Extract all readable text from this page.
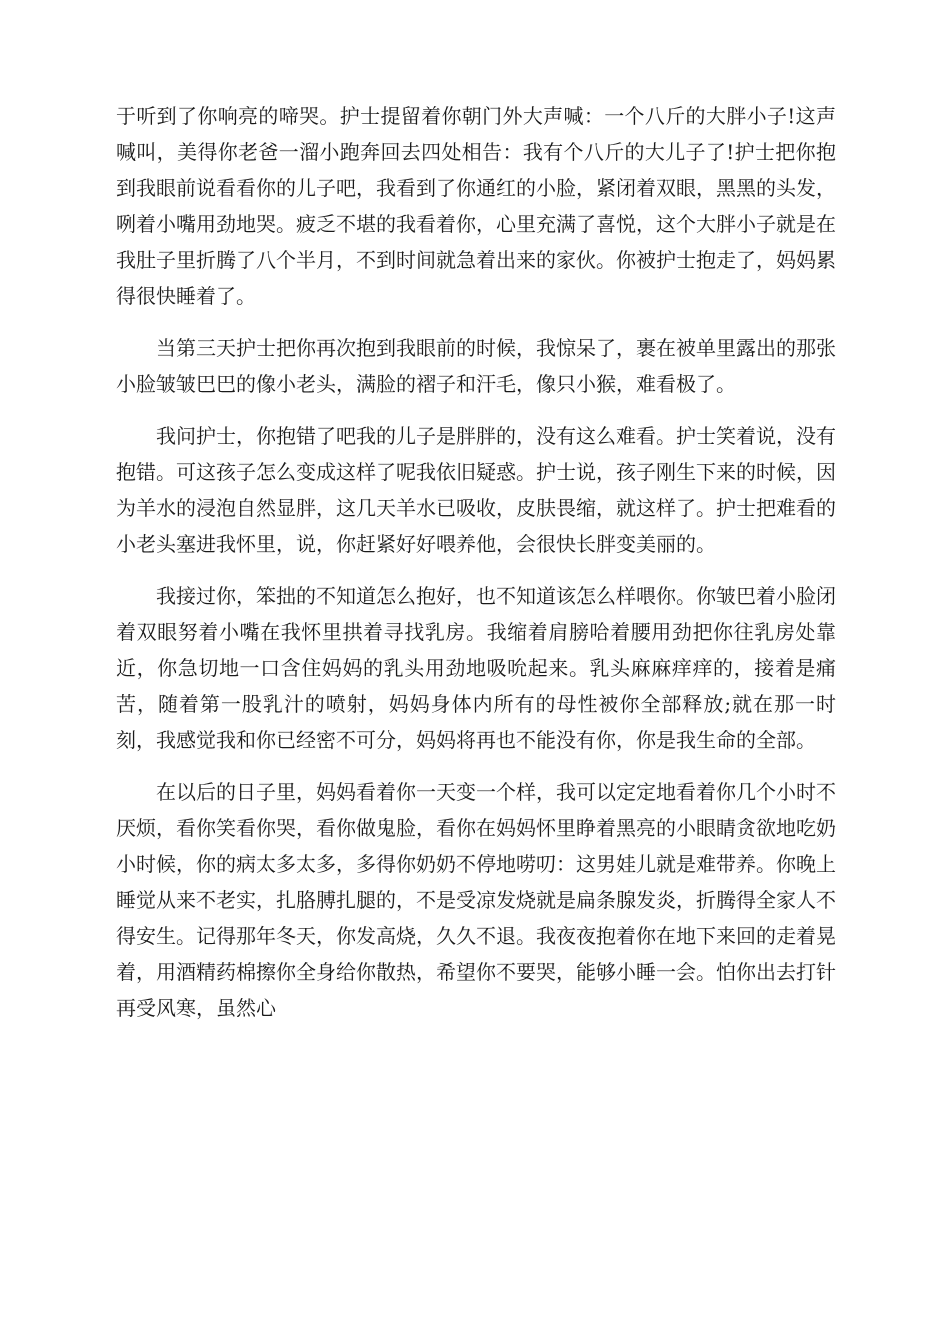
于听到了你响亮的啼哭。护士提留着你朝门外大声喊：一个八斤的大胖小子!这声喊叫，美得你老爸一溜小跑奔回去四处相告：我有个八斤的大儿子了!护士把你抱到我眼前说看看你的儿子吧，我看到了你通红的小脸，紧闭着双眼，黑黑的头发，咧着小嘴用劲地哭。疲乏不堪的我看着你，心里充满了喜悦，这个大胖小子就是在我肚子里折腾了八个半月，不到时间就急着出来的家伙。你被护士抱走了，妈妈累得很快睡着了。

当第三天护士把你再次抱到我眼前的时候，我惊呆了，裹在被单里露出的那张小脸皱皱巴巴的像小老头，满脸的褶子和汗毛，像只小猴，难看极了。

我问护士，你抱错了吧我的儿子是胖胖的，没有这么难看。护士笑着说，没有抱错。可这孩子怎么变成这样了呢我依旧疑惑。护士说，孩子刚生下来的时候，因为羊水的浸泡自然显胖，这几天羊水已吸收，皮肤畏缩，就这样了。护士把难看的小老头塞进我怀里，说，你赶紧好好喂养他，会很快长胖变美丽的。

我接过你，笨拙的不知道怎么抱好，也不知道该怎么样喂你。你皱巴着小脸闭着双眼努着小嘴在我怀里拱着寻找乳房。我缩着肩膀哈着腰用劲把你往乳房处靠近，你急切地一口含住妈妈的乳头用劲地吸吮起来。乳头麻麻痒痒的，接着是痛苦，随着第一股乳汁的喷射，妈妈身体内所有的母性被你全部释放;就在那一时刻，我感觉我和你已经密不可分，妈妈将再也不能没有你，你是我生命的全部。

在以后的日子里，妈妈看着你一天变一个样，我可以定定地看着你几个小时不厌烦，看你笑看你哭，看你做鬼脸，看你在妈妈怀里睁着黑亮的小眼睛贪欲地吃奶小时候，你的病太多太多，多得你奶奶不停地唠叨：这男娃儿就是难带养。你晚上睡觉从来不老实，扎胳膊扎腿的，不是受凉发烧就是扁条腺发炎，折腾得全家人不得安生。记得那年冬天，你发高烧，久久不退。我夜夜抱着你在地下来回的走着晃着，用酒精药棉擦你全身给你散热，希望你不要哭，能够小睡一会。怕你出去打针再受风寒，虽然心
